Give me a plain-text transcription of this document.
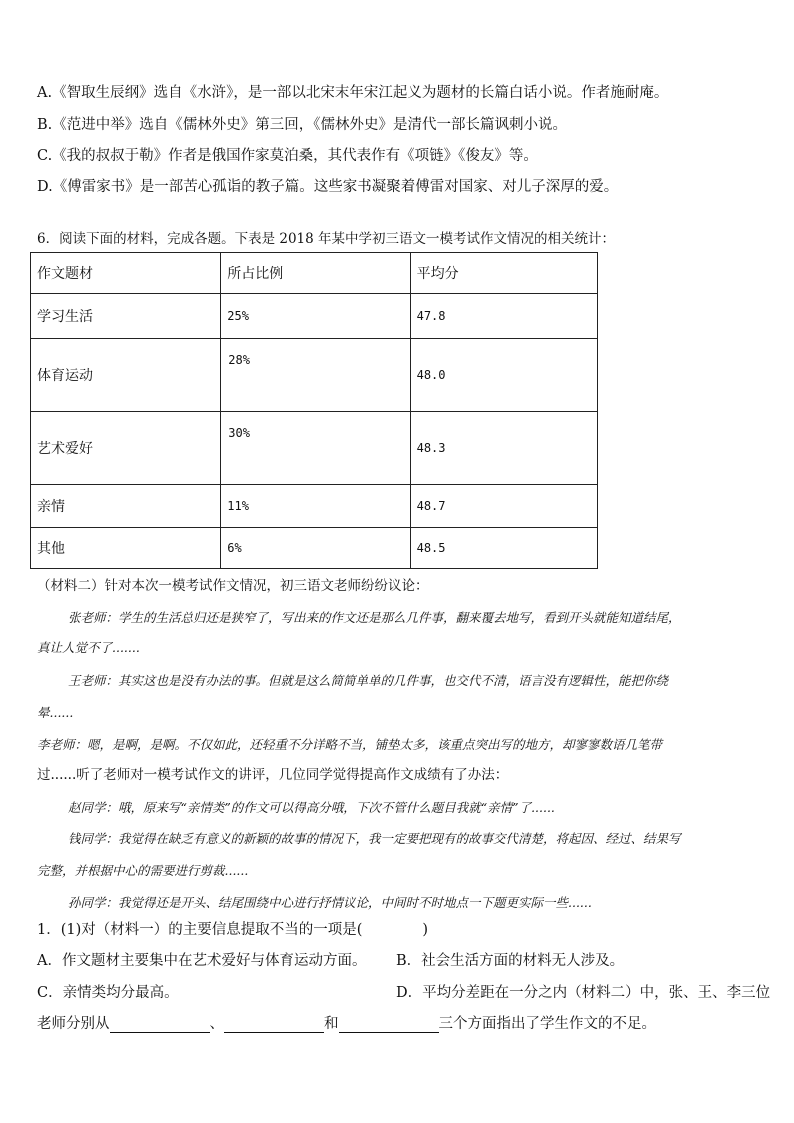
A.《智取生辰纲》选自《水浒》，是一部以北宋末年宋江起义为题材的长篇白话小说。作者施耐庵。
B.《范进中举》选自《儒林外史》第三回，《儒林外史》是清代一部长篇讽刺小说。
C.《我的叔叔于勒》作者是俄国作家莫泊桑，其代表作有《项链》《俊友》等。
D.《傅雷家书》是一部苦心孤诣的教子篇。这些家书凝聚着傅雷对国家、对儿子深厚的爱。
6．阅读下面的材料，完成各题。下表是 2018 年某中学初三语文一模考试作文情况的相关统计：
作文题材	所占比例	平均分
学习生活	25%	47.8
体育运动	28%	48.0
艺术爱好	30%	48.3
亲情	11%	48.7
其他	6%	48.5
（材料二）针对本次一模考试作文情况，初三语文老师纷纷议论：
张老师：学生的生活总归还是狭窄了，写出来的作文还是那么几件事，翻来覆去地写，看到开头就能知道结尾，
真让人觉不了.......
王老师：其实这也是没有办法的事。但就是这么简简单单的几件事，也交代不清，语言没有逻辑性，能把你绕
晕......
李老师：嗯，是啊，是啊。不仅如此，还轻重不分详略不当，铺垫太多，该重点突出写的地方，却寥寥数语几笔带
过......听了老师对一模考试作文的讲评，几位同学觉得提高作文成绩有了办法：
赵同学：哦，原来写“亲情类”的作文可以得高分哦，下次不管什么题目我就“亲情”了......
钱同学：我觉得在缺乏有意义的新颖的故事的情况下，我一定要把现有的故事交代清楚，将起因、经过、结果写
完整，并根据中心的需要进行剪裁......
孙同学：我觉得还是开头、结尾围绕中心进行抒情议论，中间时不时地点一下题更实际一些......
1．(1)对（材料一）的主要信息提取不当的一项是(	)
A．作文题材主要集中在艺术爱好与体育运动方面。 B．社会生活方面的材料无人涉及。
C．亲情类均分最高。	D．平均分差距在一分之内（材料二）中，张、王、李三位
老师分别从	、	和	三个方面指出了学生作文的不足。
